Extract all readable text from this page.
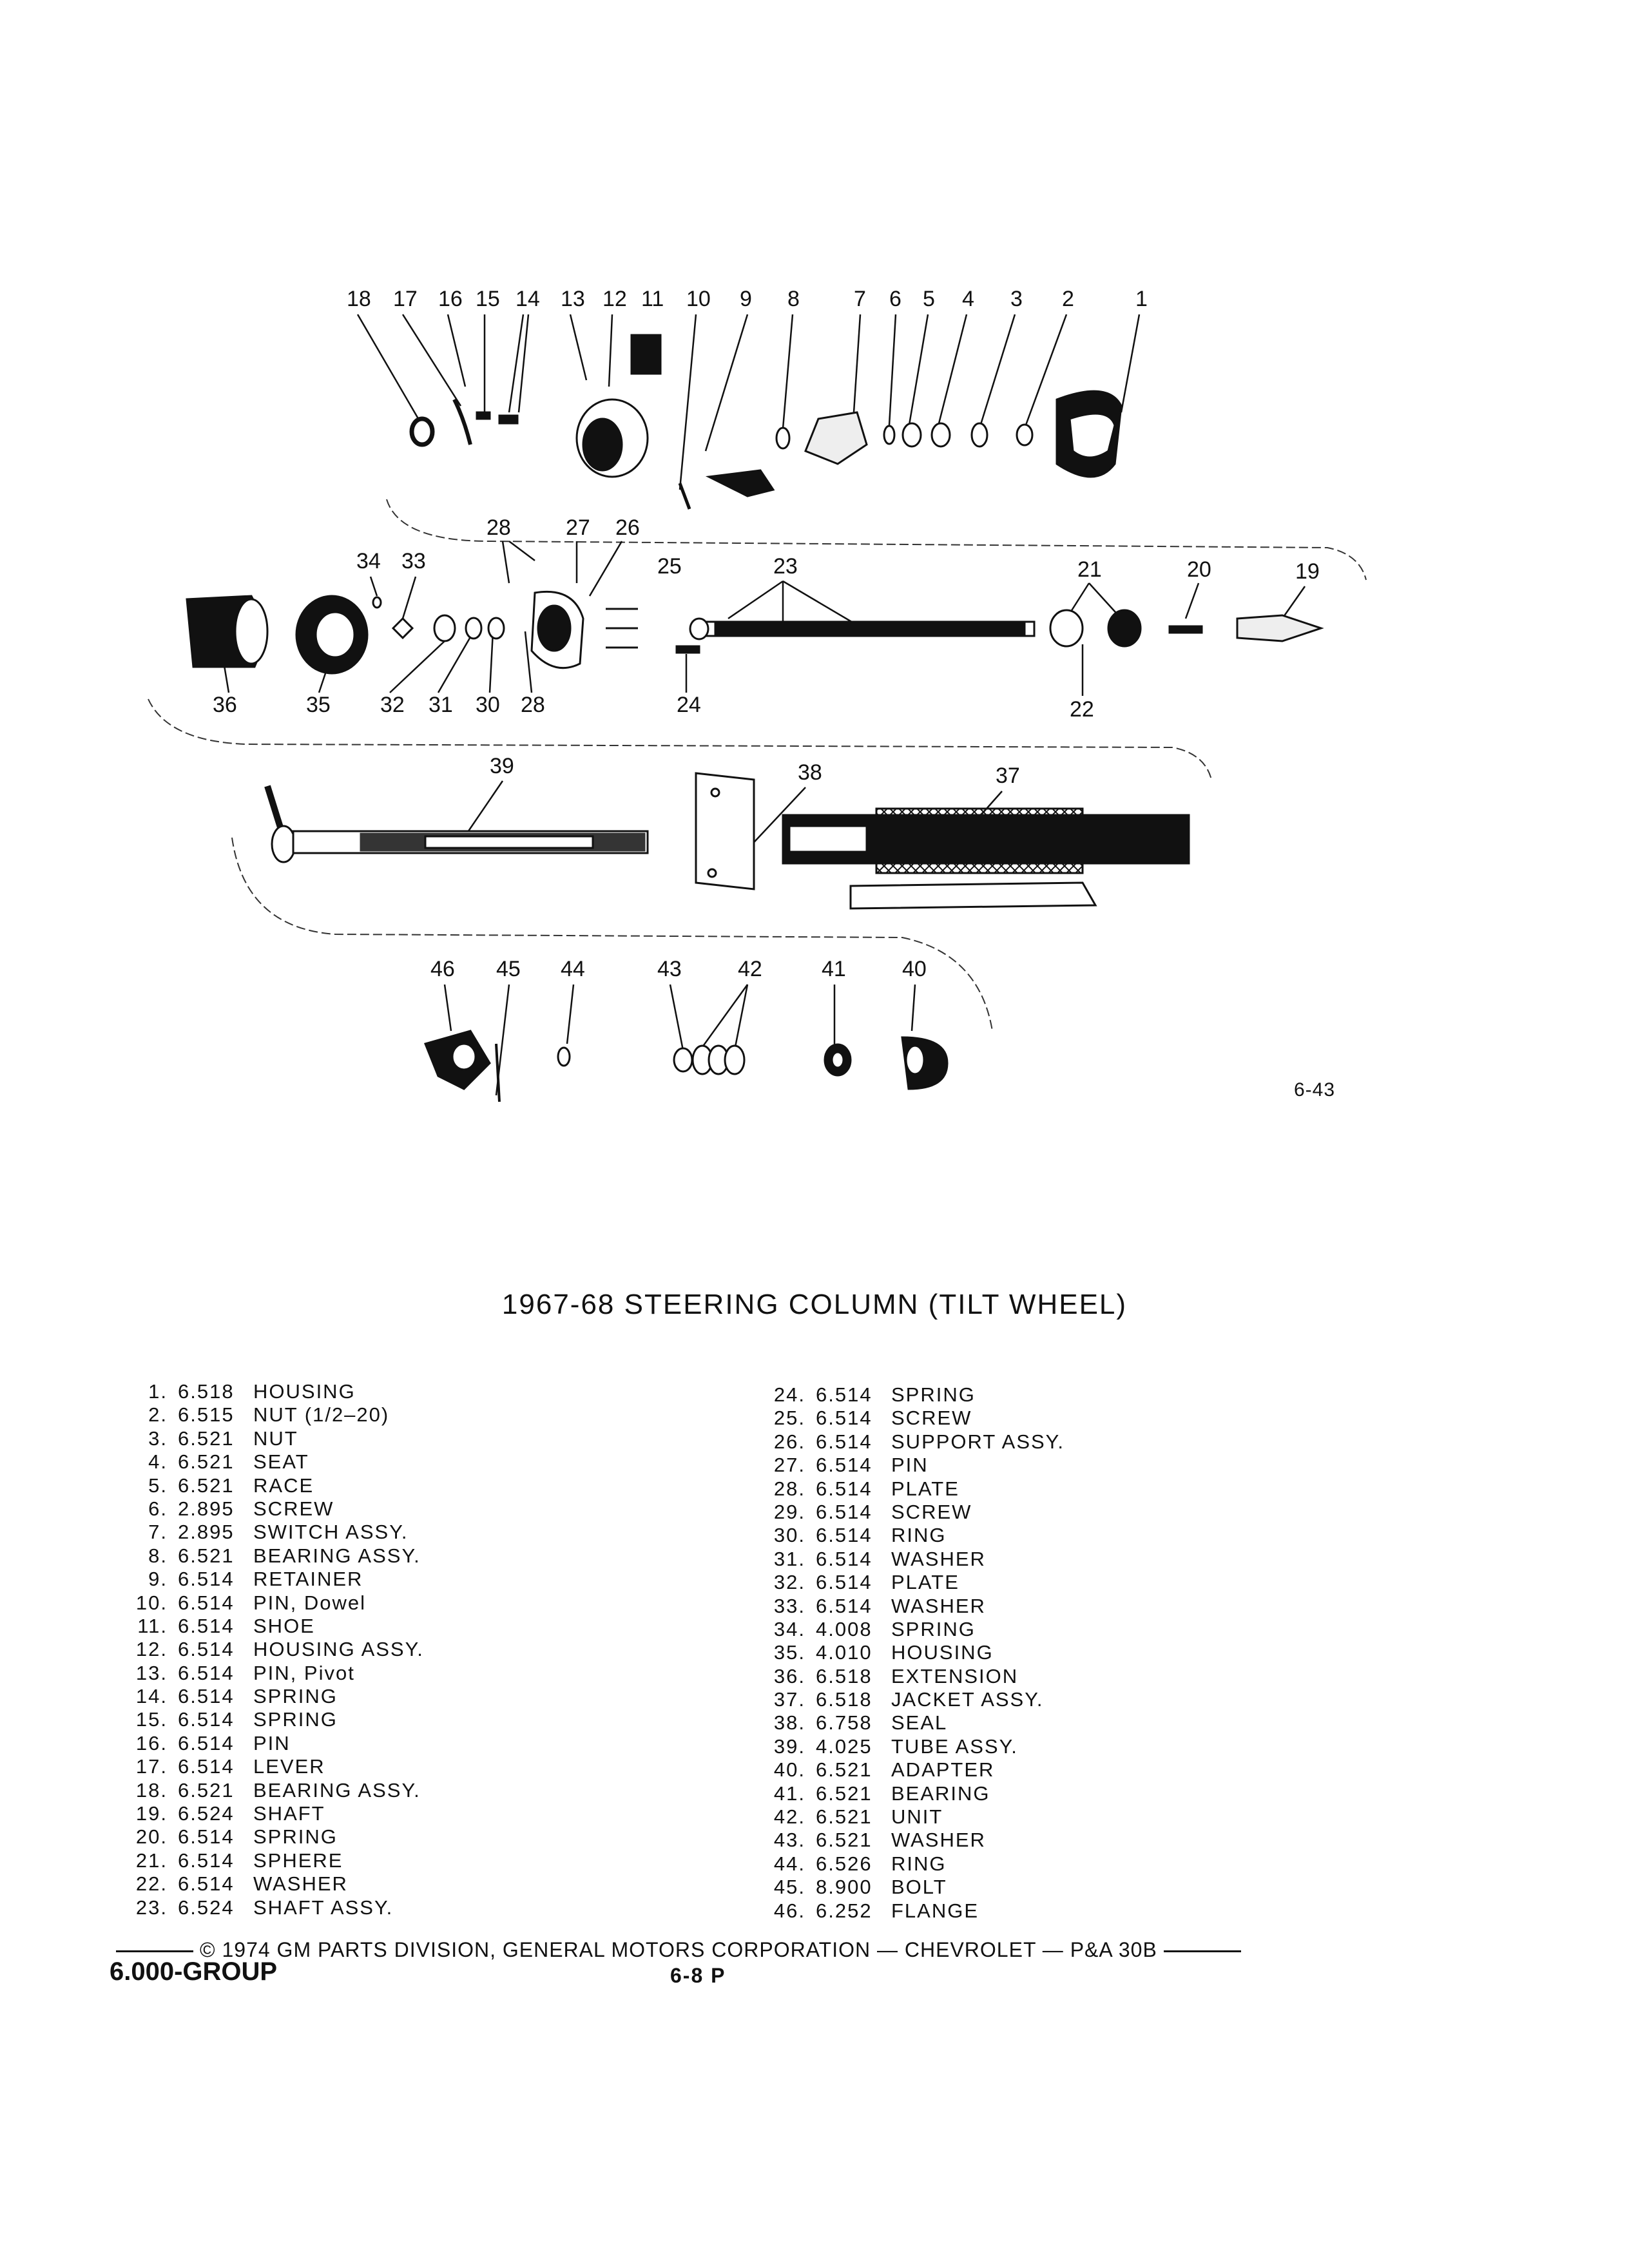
18 17 16 15 14 13 12 11 10 9 8 7 6 5 4 3 2	1
28	27 26
34 33	25	23	21	20	19
36	35 32 31 30 28	24	22
39	38	37
46 45 44	43	42	41	40
6-43
1967-68 STEERING COLUMN (TILT WHEEL)
1. 6.518 HOUSING
2. 6.515 NUT (1/2–20)
3. 6.521 NUT
4. 6.521 SEAT
5. 6.521 RACE
6. 2.895 SCREW
7. 2.895 SWITCH ASSY.
8. 6.521 BEARING ASSY.
9. 6.514 RETAINER
10. 6.514 PIN, Dowel
11. 6.514 SHOE
12. 6.514 HOUSING ASSY.
13. 6.514 PIN, Pivot
14. 6.514 SPRING
15. 6.514 SPRING
16. 6.514 PIN
17. 6.514 LEVER
18. 6.521 BEARING ASSY.
19. 6.524 SHAFT
20. 6.514 SPRING
21. 6.514 SPHERE
22. 6.514 WASHER
23. 6.524 SHAFT ASSY.
24. 6.514 SPRING
25. 6.514 SCREW
26. 6.514 SUPPORT ASSY.
27. 6.514 PIN
28. 6.514 PLATE
29. 6.514 SCREW
30. 6.514 RING
31. 6.514 WASHER
32. 6.514 PLATE
33. 6.514 WASHER
34. 4.008 SPRING
35. 4.010 HOUSING
36. 6.518 EXTENSION
37. 6.518 JACKET ASSY.
38. 6.758 SEAL
39. 4.025 TUBE ASSY.
40. 6.521 ADAPTER
41. 6.521 BEARING
42. 6.521 UNIT
43. 6.521 WASHER
44. 6.526 RING
45. 8.900 BOLT
46. 6.252 FLANGE
© 1974 GM PARTS DIVISION, GENERAL MOTORS CORPORATION — CHEVROLET — P&A 30B
6.000-GROUP	6-8 P
